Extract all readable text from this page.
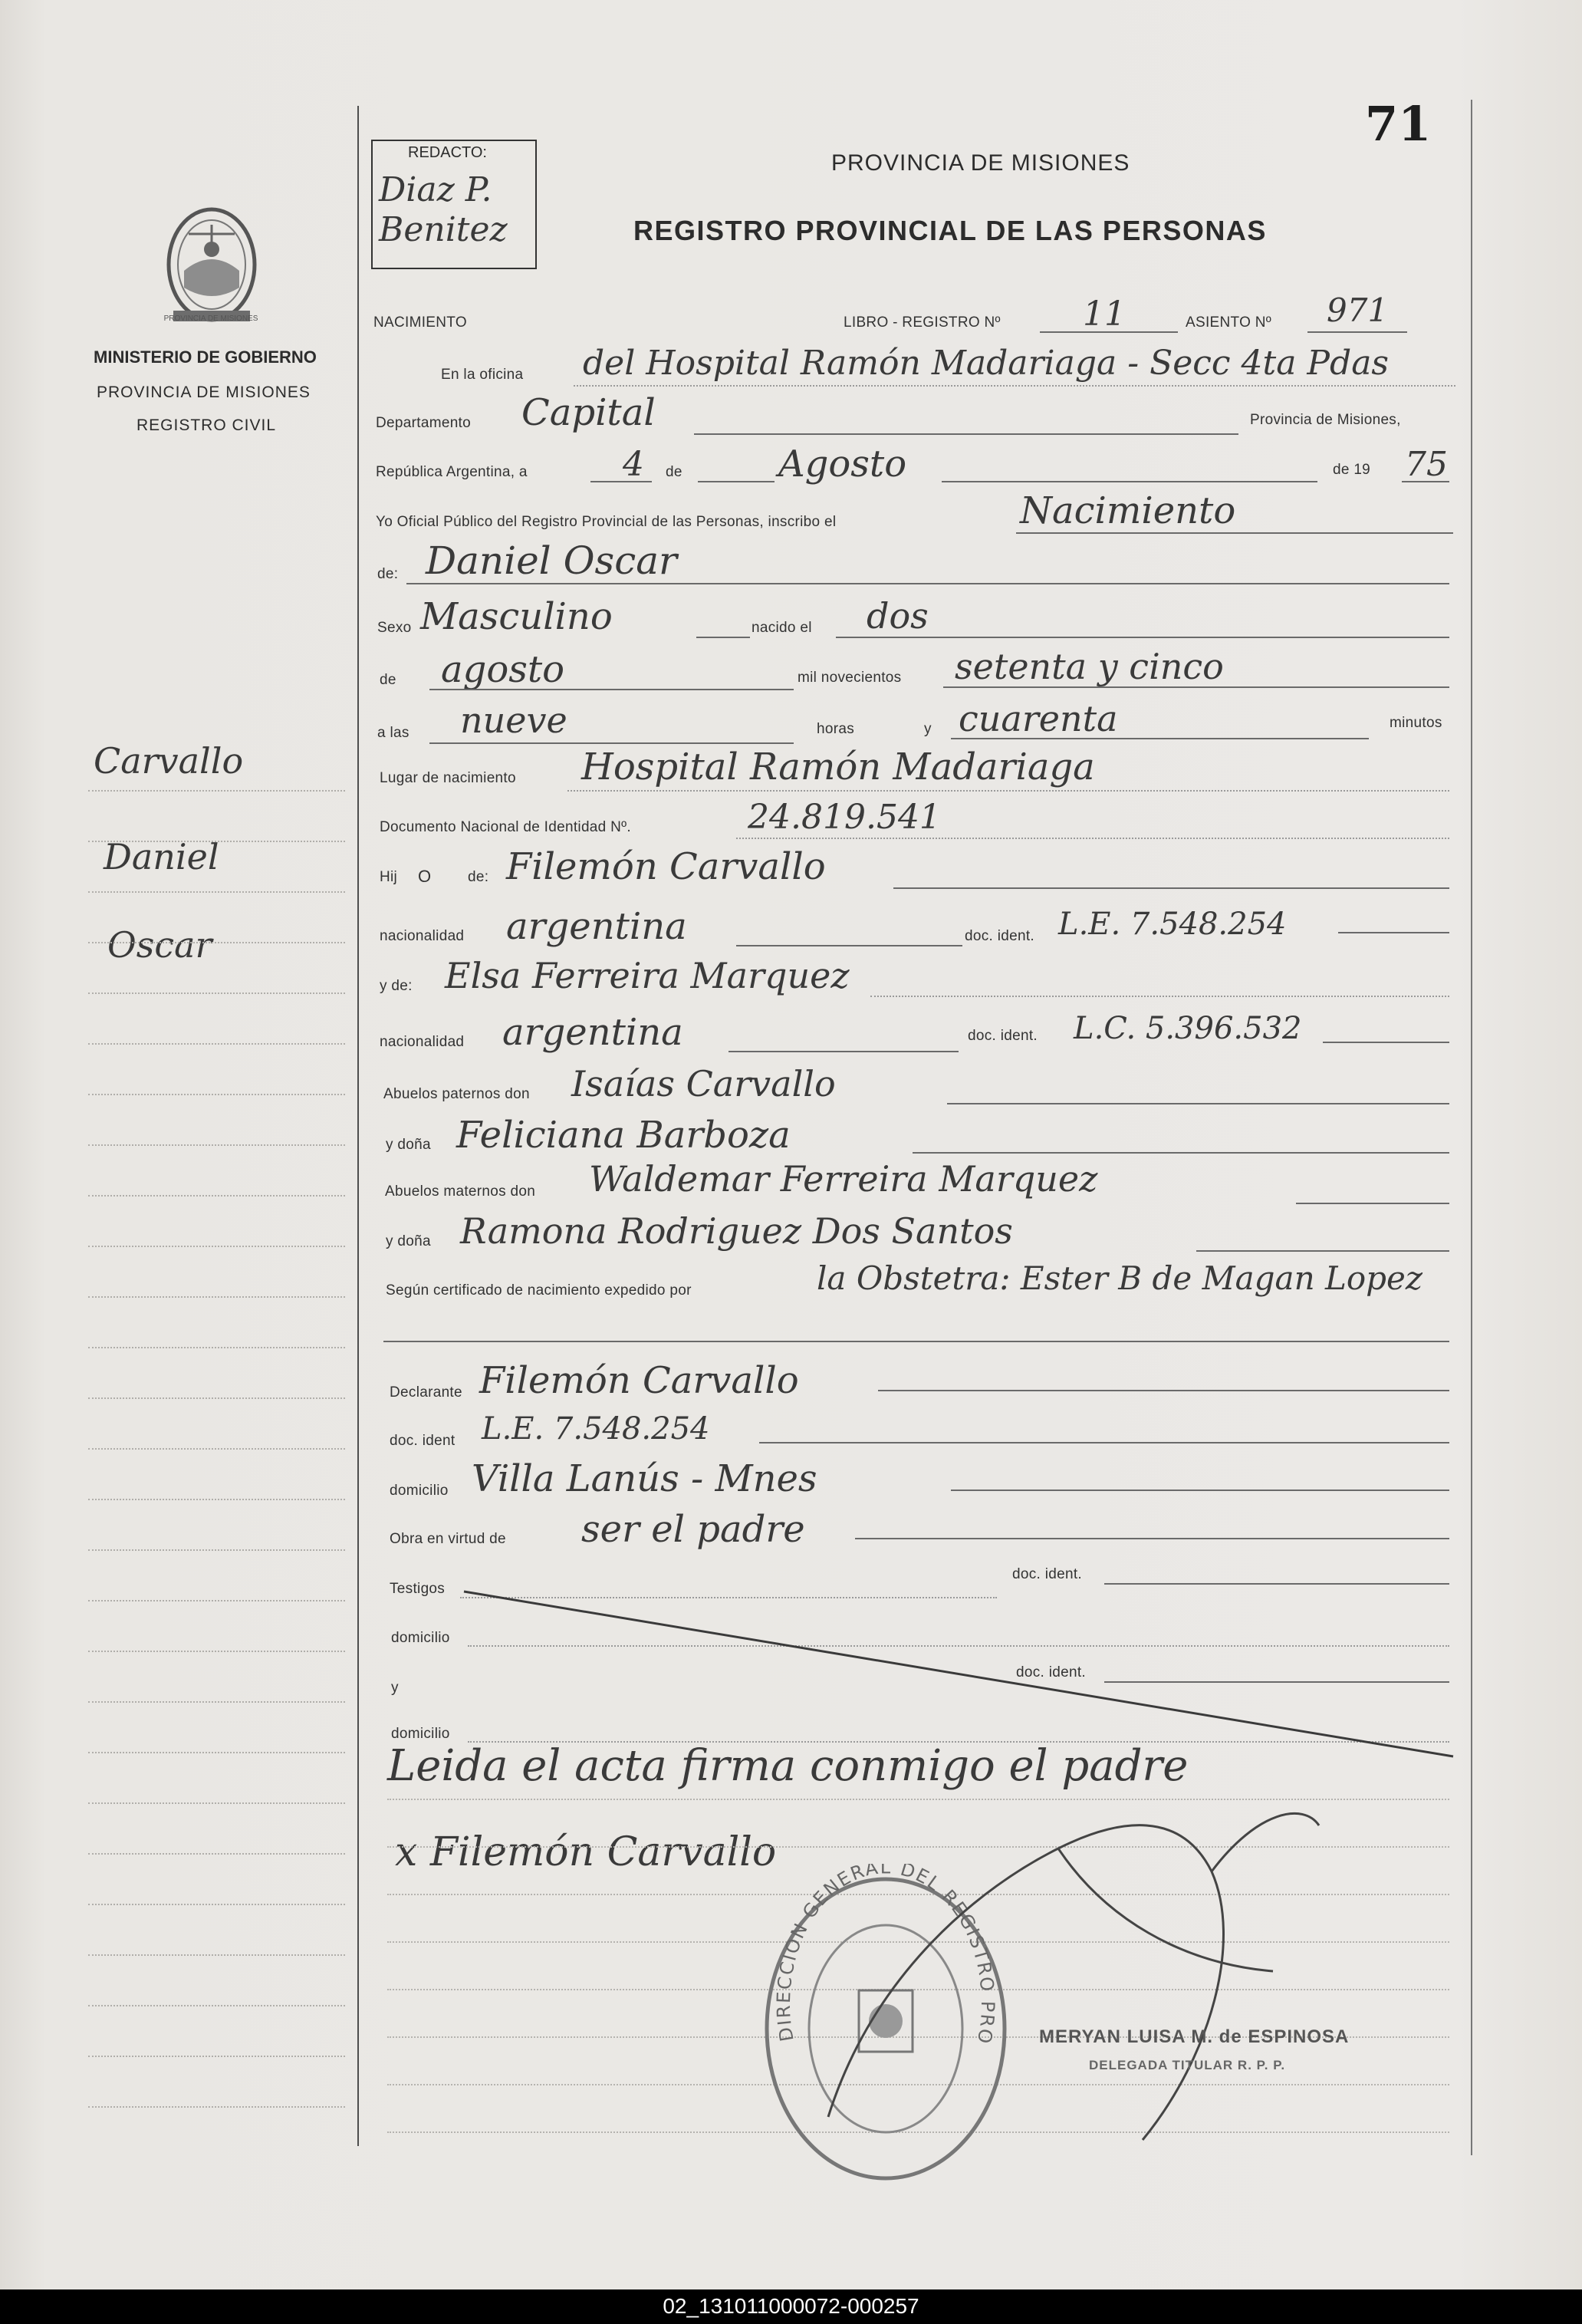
71
REDACTO:
Diaz P. Benitez
PROVINCIA DE MISIONES
REGISTRO PROVINCIAL DE LAS PERSONAS
PROVINCIA DE MISIONES
MINISTERIO DE GOBIERNO
PROVINCIA DE MISIONES
REGISTRO CIVIL
Carvallo
Daniel
Oscar
NACIMIENTO	LIBRO - REGISTRO Nº 11	ASIENTO Nº 971
En la oficina del Hospital Ramón Madariaga - Secc 4ta Pdas
Departamento Capital	Provincia de Misiones,
República Argentina, a	4 de	Agosto	de 19 75
Yo Oficial Público del Registro Provincial de las Personas, inscribo el	Nacimiento
de: Daniel Oscar
Sexo Masculino	nacido el dos
de agosto	mil novecientos setenta y cinco
a las nueve	horas	y cuarenta	minutos
Lugar de nacimiento Hospital Ramón Madariaga
Documento Nacional de Identidad Nº.	24.819.541
Hij O	de: Filemón Carvallo
nacionalidad argentina	doc. ident. L.E. 7.548.254
y de: Elsa Ferreira Marquez
nacionalidad argentina	doc. ident. L.C. 5.396.532
Abuelos paternos don Isaías Carvallo
y doña Feliciana Barboza
Abuelos maternos don Waldemar Ferreira Marquez
y doña Ramona Rodriguez Dos Santos
Según certificado de nacimiento expedido por	la Obstetra: Ester B de Magan Lopez
Declarante Filemón Carvallo
doc. ident L.E. 7.548.254
domicilio Villa Lanús - Mnes
Obra en virtud de ser el padre
Testigos
doc. ident.
domicilio
y
doc. ident.
domicilio
Leida el acta firma conmigo el padre
x Filemón Carvallo
DIRECCION GENERAL DEL REGISTRO PRO MERYAN LUISA M. de ESPINOSA
DELEGADA TITULAR R. P. P.
02_131011000072-000257
